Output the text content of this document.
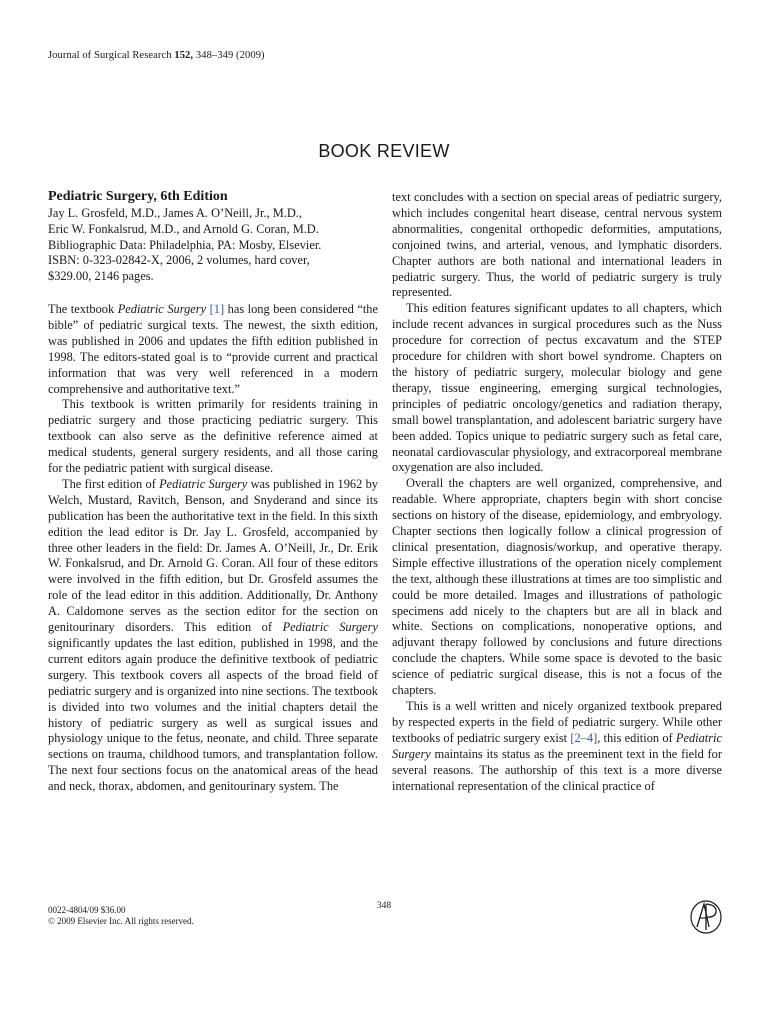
Journal of Surgical Research 152, 348–349 (2009)
BOOK REVIEW
Pediatric Surgery, 6th Edition
Jay L. Grosfeld, M.D., James A. O’Neill, Jr., M.D.,
Eric W. Fonkalsrud, M.D., and Arnold G. Coran, M.D.
Bibliographic Data: Philadelphia, PA: Mosby, Elsevier.
ISBN: 0-323-02842-X, 2006, 2 volumes, hard cover,
$329.00, 2146 pages.

The textbook Pediatric Surgery [1] has long been considered “the bible” of pediatric surgical texts. The newest, the sixth edition, was published in 2006 and updates the fifth edition published in 1998. The editors-stated goal is to “provide current and practical information that was very well referenced in a modern comprehensive and authoritative text.”

This textbook is written primarily for residents training in pediatric surgery and those practicing pediatric surgery. This textbook can also serve as the definitive reference aimed at medical students, general surgery residents, and all those caring for the pediatric patient with surgical disease.

The first edition of Pediatric Surgery was published in 1962 by Welch, Mustard, Ravitch, Benson, and Snyderand and since its publication has been the authoritative text in the field. In this sixth edition the lead editor is Dr. Jay L. Grosfeld, accompanied by three other leaders in the field: Dr. James A. O’Neill, Jr., Dr. Erik W. Fonkalsrud, and Dr. Arnold G. Coran. All four of these editors were involved in the fifth edition, but Dr. Grosfeld assumes the role of the lead editor in this addition. Additionally, Dr. Anthony A. Caldomone serves as the section editor for the section on genitourinary disorders. This edition of Pediatric Surgery significantly updates the last edition, published in 1998, and the current editors again produce the definitive textbook of pediatric surgery. This textbook covers all aspects of the broad field of pediatric surgery and is organized into nine sections. The textbook is divided into two volumes and the initial chapters detail the history of pediatric surgery as well as surgical issues and physiology unique to the fetus, neonate, and child. Three separate sections on trauma, childhood tumors, and transplantation follow. The next four sections focus on the anatomical areas of the head and neck, thorax, abdomen, and genitourinary system. The

text concludes with a section on special areas of pediatric surgery, which includes congenital heart disease, central nervous system abnormalities, congenital orthopedic deformities, amputations, conjoined twins, and arterial, venous, and lymphatic disorders. Chapter authors are both national and international leaders in pediatric surgery. Thus, the world of pediatric surgery is truly represented.

This edition features significant updates to all chapters, which include recent advances in surgical procedures such as the Nuss procedure for correction of pectus excavatum and the STEP procedure for children with short bowel syndrome. Chapters on the history of pediatric surgery, molecular biology and gene therapy, tissue engineering, emerging surgical technologies, principles of pediatric oncology/genetics and radiation therapy, small bowel transplantation, and adolescent bariatric surgery have been added. Topics unique to pediatric surgery such as fetal care, neonatal cardiovascular physiology, and extracorporeal membrane oxygenation are also included.

Overall the chapters are well organized, comprehensive, and readable. Where appropriate, chapters begin with short concise sections on history of the disease, epidemiology, and embryology. Chapter sections then logically follow a clinical progression of clinical presentation, diagnosis/workup, and operative therapy. Simple effective illustrations of the operation nicely complement the text, although these illustrations at times are too simplistic and could be more detailed. Images and illustrations of pathologic specimens add nicely to the chapters but are all in black and white. Sections on complications, nonoperative options, and adjuvant therapy followed by conclusions and future directions conclude the chapters. While some space is devoted to the basic science of pediatric surgical disease, this is not a focus of the chapters.

This is a well written and nicely organized textbook prepared by respected experts in the field of pediatric surgery. While other textbooks of pediatric surgery exist [2–4], this edition of Pediatric Surgery maintains its status as the preeminent text in the field for several reasons. The authorship of this text is a more diverse international representation of the clinical practice of

0022-4804/09 $36.00
© 2009 Elsevier Inc. All rights reserved.
348
